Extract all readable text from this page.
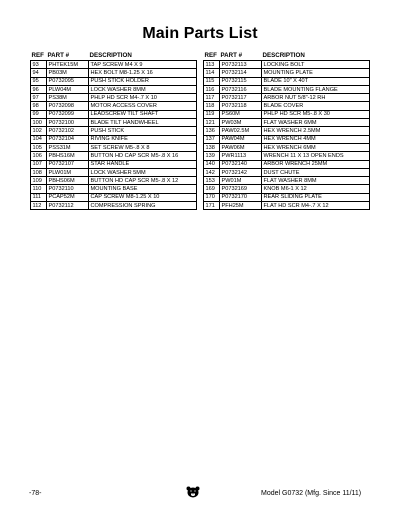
Main Parts List
REF	PART #	DESCRIPTION
93	PHTEK15M	TAP SCREW M4 X 9
94	PB03M	HEX BOLT M8-1.25 X 16
95	P0732095	PUSH STICK HOLDER
96	PLW04M	LOCK WASHER 8MM
97	PS38M	PHLP HD SCR M4-.7 X 10
98	P0732098	MOTOR ACCESS COVER
99	P0732099	LEADSCREW TILT SHAFT
100	P0732100	BLADE TILT HANDWHEEL
102	P0732102	PUSH STICK
104	P0732104	RIVING KNIFE
105	PSS31M	SET SCREW M5-.8 X 8
106	PBHS16M	BUTTON HD CAP SCR M5-.8 X 16
107	P0732107	STAR HANDLE
108	PLW01M	LOCK WASHER 5MM
109	PBHS06M	BUTTON HD CAP SCR M5-.8 X 12
110	P0732110	MOUNTING BASE
111	PCAP52M	CAP SCREW M8-1.25 X 10
112	P0732112	COMPRESSION SPRING
REF	PART #	DESCRIPTION
113	P0732113	LOCKING BOLT
114	P0732114	MOUNTING PLATE
115	P0732115	BLADE 10" X 40T
116	P0732116	BLADE MOUNTING FLANGE
117	P0732117	ARBOR NUT 5/8"-12 RH
118	P0732118	BLADE COVER
119	PS60M	PHLP HD SCR M5-.8 X 30
121	PW03M	FLAT WASHER 6MM
136	PAW02.5M	HEX WRENCH 2.5MM
137	PAW04M	HEX WRENCH 4MM
138	PAW06M	HEX WRENCH 6MM
139	PWR1113	WRENCH 11 X 13 OPEN ENDS
140	P0732140	ARBOR WRENCH 25MM
142	P0732142	DUST CHUTE
153	PW01M	FLAT WASHER 8MM
169	P0732169	KNOB M6-1 X 12
170	P0732170	REAR SLIDING PLATE
171	PFH25M	FLAT HD SCR M4-.7 X 12
-78-	Model G0732 (Mfg. Since 11/11)
